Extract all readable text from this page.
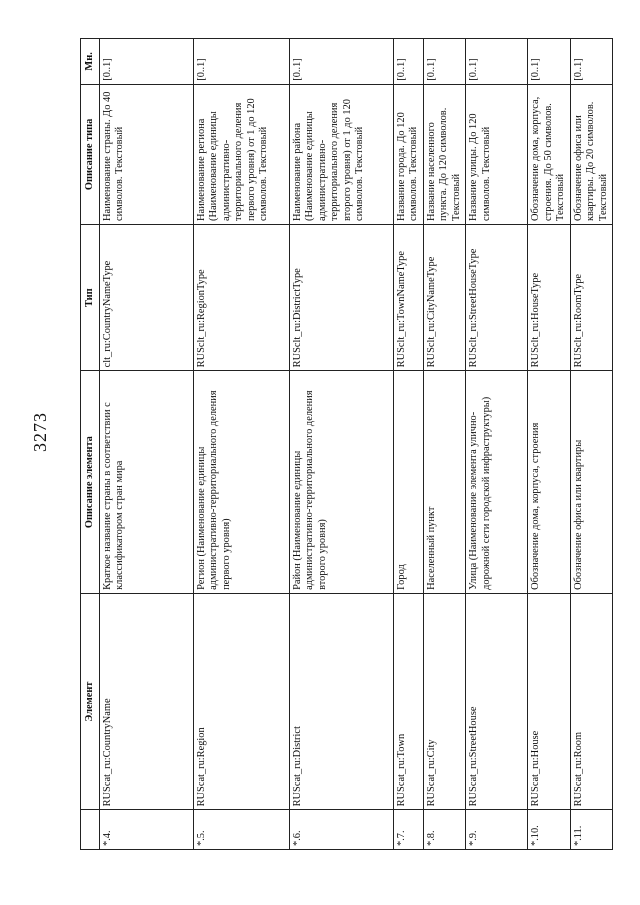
3273
	Элемент	Описание элемента	Тип	Описание типа	Мн.
*.4.	RUScat_ru:CountryName	Краткое название страны в соответствии с классификатором стран мира	clt_ru:CountryNameType	Наименование страны. До 40 символов. Текстовый	[0..1]
*.5.	RUScat_ru:Region	Регион (Наименование единицы административно-территориального деления первого уровня)	RUSclt_ru:RegionType	Наименование региона (Наименование единицы административно-территориального деления первого уровня) от 1 до 120 символов. Текстовый	[0..1]
*.6.	RUScat_ru:District	Район (Наименование единицы административно-территориального деления второго уровня)	RUSclt_ru:DistrictType	Наименование района (Наименование единицы административно-территориального деления второго уровня) от 1 до 120 символов. Текстовый	[0..1]
*.7.	RUScat_ru:Town	Город	RUSclt_ru:TownNameType	Название города. До 120 символов. Текстовый	[0..1]
*.8.	RUScat_ru:City	Населенный пункт	RUSclt_ru:CityNameType	Название населенного пункта. До 120 символов. Текстовый	[0..1]
*.9.	RUScat_ru:StreetHouse	Улица (Наименование элемента улично-дорожной сети городской инфраструктуры)	RUSclt_ru:StreetHouseType	Название улицы. До 120 символов. Текстовый	[0..1]
*.10.	RUScat_ru:House	Обозначение дома, корпуса, строения	RUSclt_ru:HouseType	Обозначение дома, корпуса, строения. До 50 символов. Текстовый	[0..1]
*.11.	RUScat_ru:Room	Обозначение офиса или квартиры	RUSclt_ru:RoomType	Обозначение офиса или квартиры. До 20 символов. Текстовый	[0..1]
